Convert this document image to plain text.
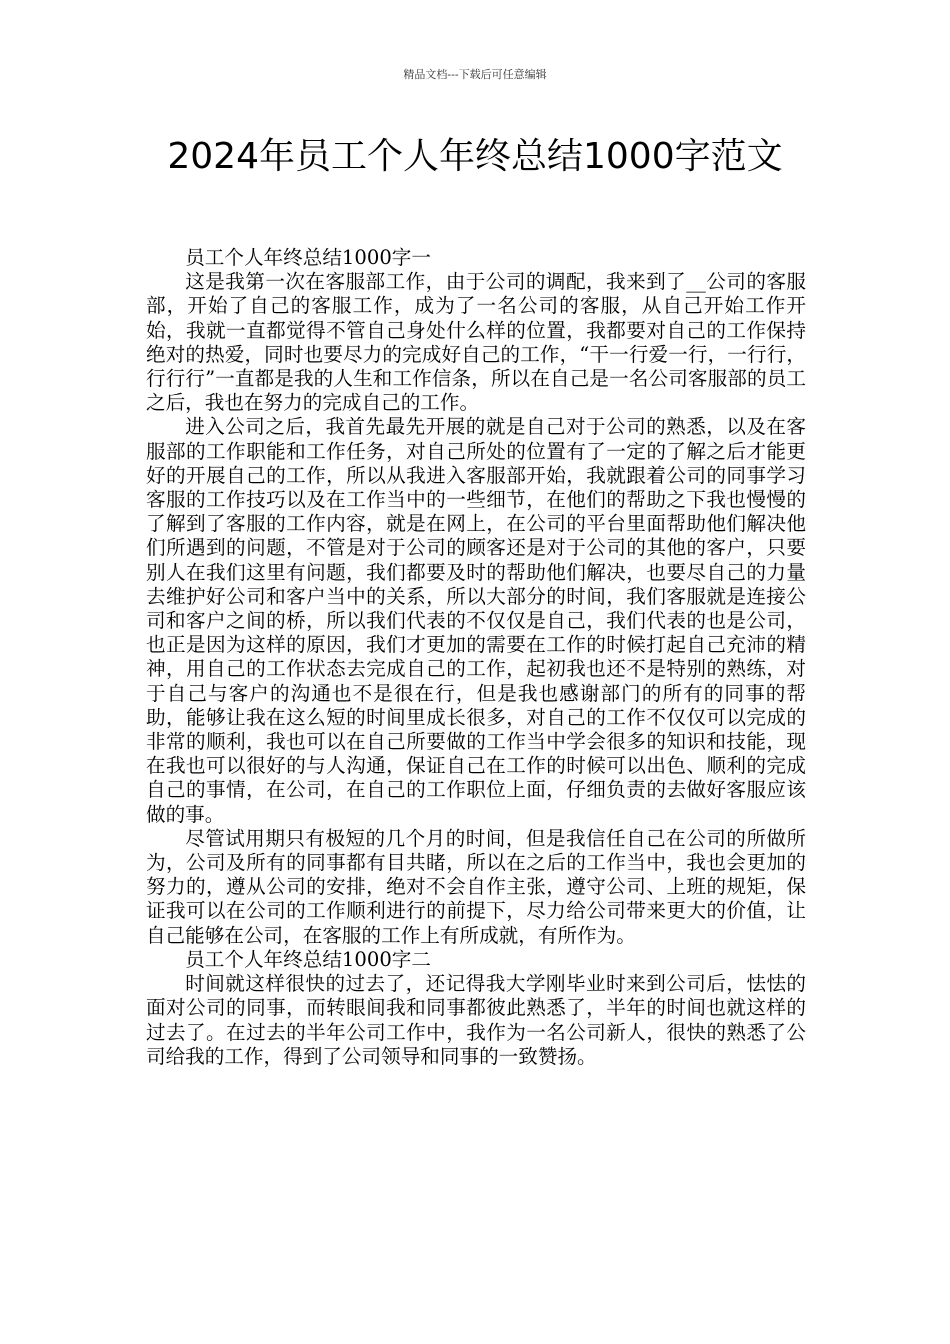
精品文档---下载后可任意编辑
2024年员工个人年终总结1000字范文

员工个人年终总结1000字一

这是我第一次在客服部工作，由于公司的调配，我来到了__公司的客服部，开始了自己的客服工作，成为了一名公司的客服，从自己开始工作开始，我就一直都觉得不管自己身处什么样的位置，我都要对自己的工作保持绝对的热爱，同时也要尽力的完成好自己的工作，“干一行爱一行，一行行，行行行”一直都是我的人生和工作信条，所以在自己是一名公司客服部的员工之后，我也在努力的完成自己的工作。

进入公司之后，我首先最先开展的就是自己对于公司的熟悉，以及在客服部的工作职能和工作任务，对自己所处的位置有了一定的了解之后才能更好的开展自己的工作，所以从我进入客服部开始，我就跟着公司的同事学习客服的工作技巧以及在工作当中的一些细节，在他们的帮助之下我也慢慢的了解到了客服的工作内容，就是在网上，在公司的平台里面帮助他们解决他们所遇到的问题，不管是对于公司的顾客还是对于公司的其他的客户，只要别人在我们这里有问题，我们都要及时的帮助他们解决，也要尽自己的力量去维护好公司和客户当中的关系，所以大部分的时间，我们客服就是连接公司和客户之间的桥，所以我们代表的不仅仅是自己，我们代表的也是公司，也正是因为这样的原因，我们才更加的需要在工作的时候打起自己充沛的精神，用自己的工作状态去完成自己的工作，起初我也还不是特别的熟练，对于自己与客户的沟通也不是很在行，但是我也感谢部门的所有的同事的帮助，能够让我在这么短的时间里成长很多，对自己的工作不仅仅可以完成的非常的顺利，我也可以在自己所要做的工作当中学会很多的知识和技能，现在我也可以很好的与人沟通，保证自己在工作的时候可以出色、顺利的完成自己的事情，在公司，在自己的工作职位上面，仔细负责的去做好客服应该做的事。

尽管试用期只有极短的几个月的时间，但是我信任自己在公司的所做所为，公司及所有的同事都有目共睹，所以在之后的工作当中，我也会更加的努力的，遵从公司的安排，绝对不会自作主张，遵守公司、上班的规矩，保证我可以在公司的工作顺利进行的前提下，尽力给公司带来更大的价值，让自己能够在公司，在客服的工作上有所成就，有所作为。

员工个人年终总结1000字二

时间就这样很快的过去了，还记得我大学刚毕业时来到公司后，怯怯的面对公司的同事，而转眼间我和同事都彼此熟悉了，半年的时间也就这样的过去了。在过去的半年公司工作中，我作为一名公司新人，很快的熟悉了公司给我的工作，得到了公司领导和同事的一致赞扬。
